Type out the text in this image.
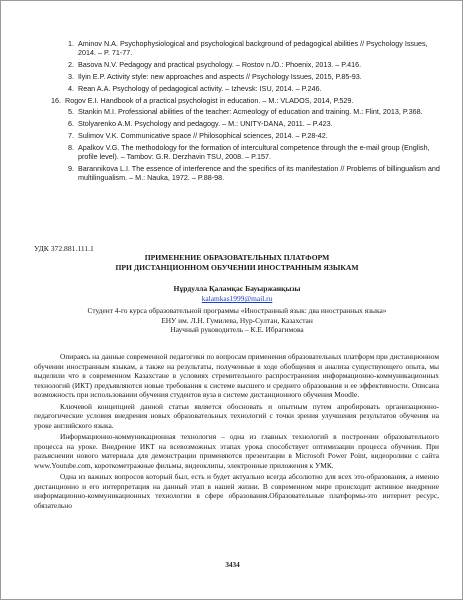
1. Aminov N.A. Psychophysiological and psychological background of pedagogical abilities // Psychology Issues, 2014. – P. 71-77.
2. Basova N.V. Pedagogy and practical psychology. – Rostov n./D.: Phoenix, 2013. – P.416.
3. Ilyin E.P. Activity style: new approaches and aspects // Psychology Issues, 2015, P.85-93.
4. Rean A.A. Psychology of pedagogical activity. – Izhevsk: ISU, 2014. – P.246.
16. Rogov E.I. Handbook of a practical psychologist in education. – M.: VLADOS, 2014, P.529.
5. Stankin M.I. Professional abilities of the teacher: Acmeology of education and training. M.: Flint, 2013, P.368.
6. Stolyarenko A.M. Psychology and pedagogy. – M.: UNITY-DANA, 2011. – P.423.
7. Sulimov V.K. Communicative space // Philosophical sciences, 2014. – P.28-42.
8. Apalkov V.G. The methodology for the formation of intercultural competence through the e-mail group (English, profile level). – Tambov: G.R. Derzhavin TSU, 2008. – P.157.
9. Barannikova L.I. The essence of interference and the specifics of its manifestation // Problems of billingualism and multilingualism. – M.: Nauka, 1972. – P.88-98.
УДК 372.881.111.1
ПРИМЕНЕНИЕ ОБРАЗОВАТЕЛЬНЫХ ПЛАТФОРМ
ПРИ ДИСТАНЦИОННОМ ОБУЧЕНИИ ИНОСТРАННЫМ ЯЗЫКАМ
Нұрдулла Қаламқас Бауыржанқызы
kalamkas1999@mail.ru
Студент 4-го курса образовательной программы «Иностранный язык: два иностранных языка»
ЕНУ им. Л.Н. Гумилева, Нур-Султан, Казахстан
Научный руководитель – К.Е. Ибрагимова

Опираясь на данные современной педагогики по вопросам применения образовательных платформ при дистанционном обучении иностранным языкам, а также на результаты, полученные в ходе обобщения и анализа существующего опыта, мы выделили что в современном Казахстане в условиях стремительного распространения информационно-коммуникационных технологий (ИКТ) предъявляются новые требования к системе высшего и среднего образования и ее эффективности. Описана возможность при использовании обучения студентов вуза в системе дистанционного обучения Moodle.

Ключевой концепцией данной статьи является обосновать и опытным путем апробировать организационно-педагогические условия внедрения новых образовательных технологий с точки зрения улучшения результатов обучения на уроке английского языка.

Информационно-коммуникационная технология – одна из главных технологий в построении образовательного процесса на уроке. Внедрение ИКТ на всевозможных этапах урока способствует оптимизации процесса обучения. При разъяснении нового материала для демонстрации применяются презентации в Microsoft Power Point, видеоролики с сайта www.Youtube.com, короткометражные фильмы, видеоклипы, электронные приложения к УМК.

Одна из важных вопросов который был, есть и будет актуально всегда абсолютно для всех это-образования, а именно дистанционно и его интерпретация на данный этап в нашей жизни. В современном мире происходит активное внедрение информационно-коммуникационных технологии в сфере образования.Образовательные платформы-это интернет ресурс, обязательно

3434
